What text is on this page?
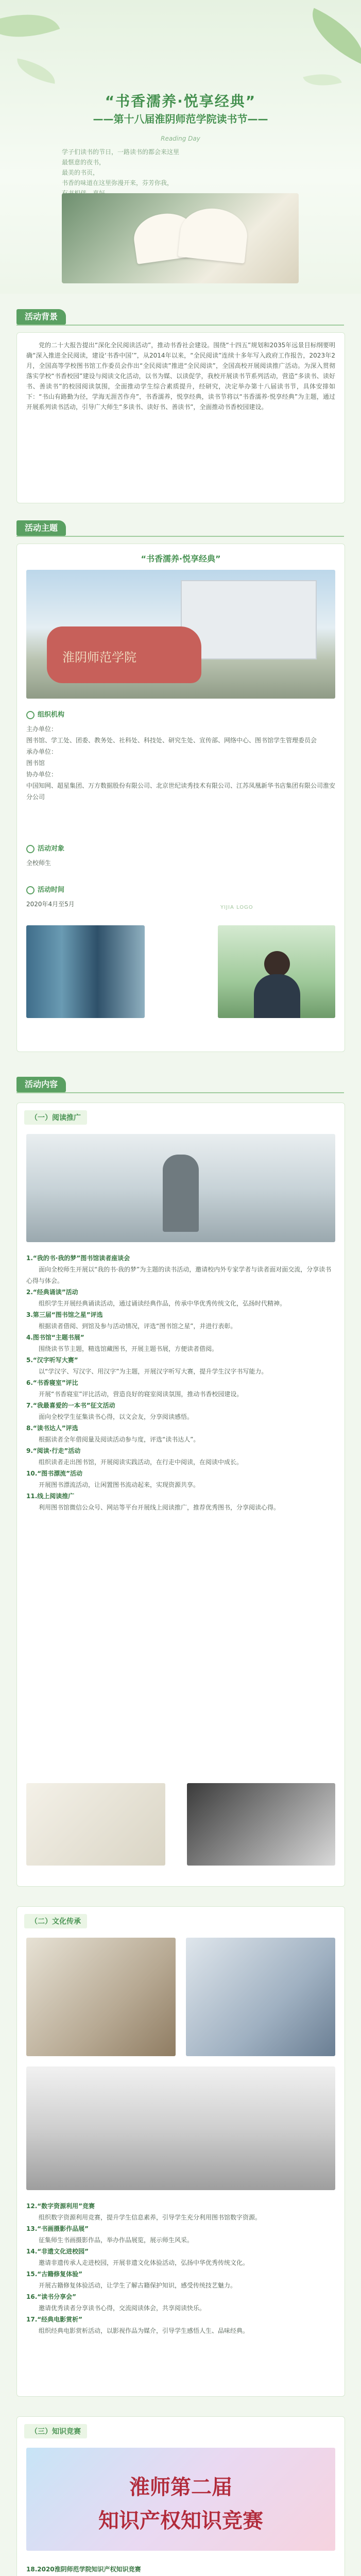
“书香濡养·悦享经典”
——第十八届淮阴师范学院读书节——
Reading Day
学子们读书的节日，一路读书的都会来这里
最惬意的夜书，
最美的书页，
书香的味道在这里弥漫开来，芬芳你我，
活动背景

党的二十大报告提出“深化全民阅读活动”，推动书香社会建设。围绕“十四五”规划和2035年远景目标纲要明确“深入推进全民阅读，建设‘书香中国’”，从2014年以来，“全民阅读”连续十多年写入政府工作报告，2023年2月，全国高等学校图书馆工作委员会作出“全民阅读”推进“全民阅读”，全国高校开展阅读推广活动。为深入贯彻落实学校“书香校园”建设与阅读文化活动，以书为媒、以读促学，我校开展读书节系列活动，营造“多读书、读好书、善读书”的校园阅读氛围，全面推动学生综合素质提升，经研究，决定举办第十八届读书节，具体安排如下：“书山有路勤为径，学海无涯苦作舟”，书香濡养，悦享经典，读书节将以“书香濡养·悦享经典”为主题，通过开展系列读书活动，引导广大师生“多读书、读好书、善读书”，全面推动书香校园建设。

活动主题
“书香濡养·悦享经典”
淮阴师范学院
组织机构
主办单位：
图书馆、学工处、团委、教务处、社科处、科技处、研究生处、宣传部、网络中心、图书馆学生管理委员会
承办单位：
图书馆
协办单位：
中国知网、超星集团、万方数据股份有限公司、北京世纪读秀技术有限公司、江苏凤凰新华书店集团有限公司淮安分公司
活动对象
全校师生
活动时间
2020年4月至5月	YIJIA LOGO
活动内容
（一）阅读推广
1.“我的书·我的梦”图书馆读者座谈会
面向全校师生开展以“我的书·我的梦”为主题的读书活动，邀请校内外专家学者与读者面对面交流，分享读书心得与体会。
2.“经典诵读”活动
组织学生开展经典诵读活动，通过诵读经典作品，传承中华优秀传统文化，弘扬时代精神。
3.第三届“图书馆之星”评选
根据读者借阅、到馆及参与活动情况，评选“图书馆之星”，并进行表彰。
4.图书馆“主题书展”
围绕读书节主题，精选馆藏图书，开展主题书展，方便读者借阅。
5.“汉字听写大赛”
以“学汉字、写汉字、用汉字”为主题，开展汉字听写大赛，提升学生汉字书写能力。
6.“书香寝室”评比
开展“书香寝室”评比活动，营造良好的寝室阅读氛围，推动书香校园建设。
7.“我最喜爱的一本书”征文活动
面向全校学生征集读书心得，以文会友，分享阅读感悟。
8.“读书达人”评选
根据读者全年借阅量及阅读活动参与度，评选“读书达人”。
9.“阅读·行走”活动
组织读者走出图书馆，开展阅读实践活动，在行走中阅读，在阅读中成长。
10.“图书漂流”活动
开展图书漂流活动，让闲置图书流动起来，实现资源共享。
11.线上阅读推广
利用图书馆微信公众号、网站等平台开展线上阅读推广，推荐优秀图书，分享阅读心得。
（二）文化传承
12.“数字资源利用”竞赛
组织数字资源利用竞赛，提升学生信息素养，引导学生充分利用图书馆数字资源。
13.“书画摄影作品展”
征集师生书画摄影作品，举办作品展览，展示师生风采。
14.“非遗文化进校园”
邀请非遗传承人走进校园，开展非遗文化体验活动，弘扬中华优秀传统文化。
15.“古籍修复体验”
开展古籍修复体验活动，让学生了解古籍保护知识，感受传统技艺魅力。
16.“读书分享会”
邀请优秀读者分享读书心得，交流阅读体会，共享阅读快乐。
17.“经典电影赏析”
组织经典电影赏析活动，以影视作品为媒介，引导学生感悟人生、品味经典。
（三）知识竞赛
淮师第二届
知识产权知识竞赛
18.2020淮阴师范学院知识产权知识竞赛
